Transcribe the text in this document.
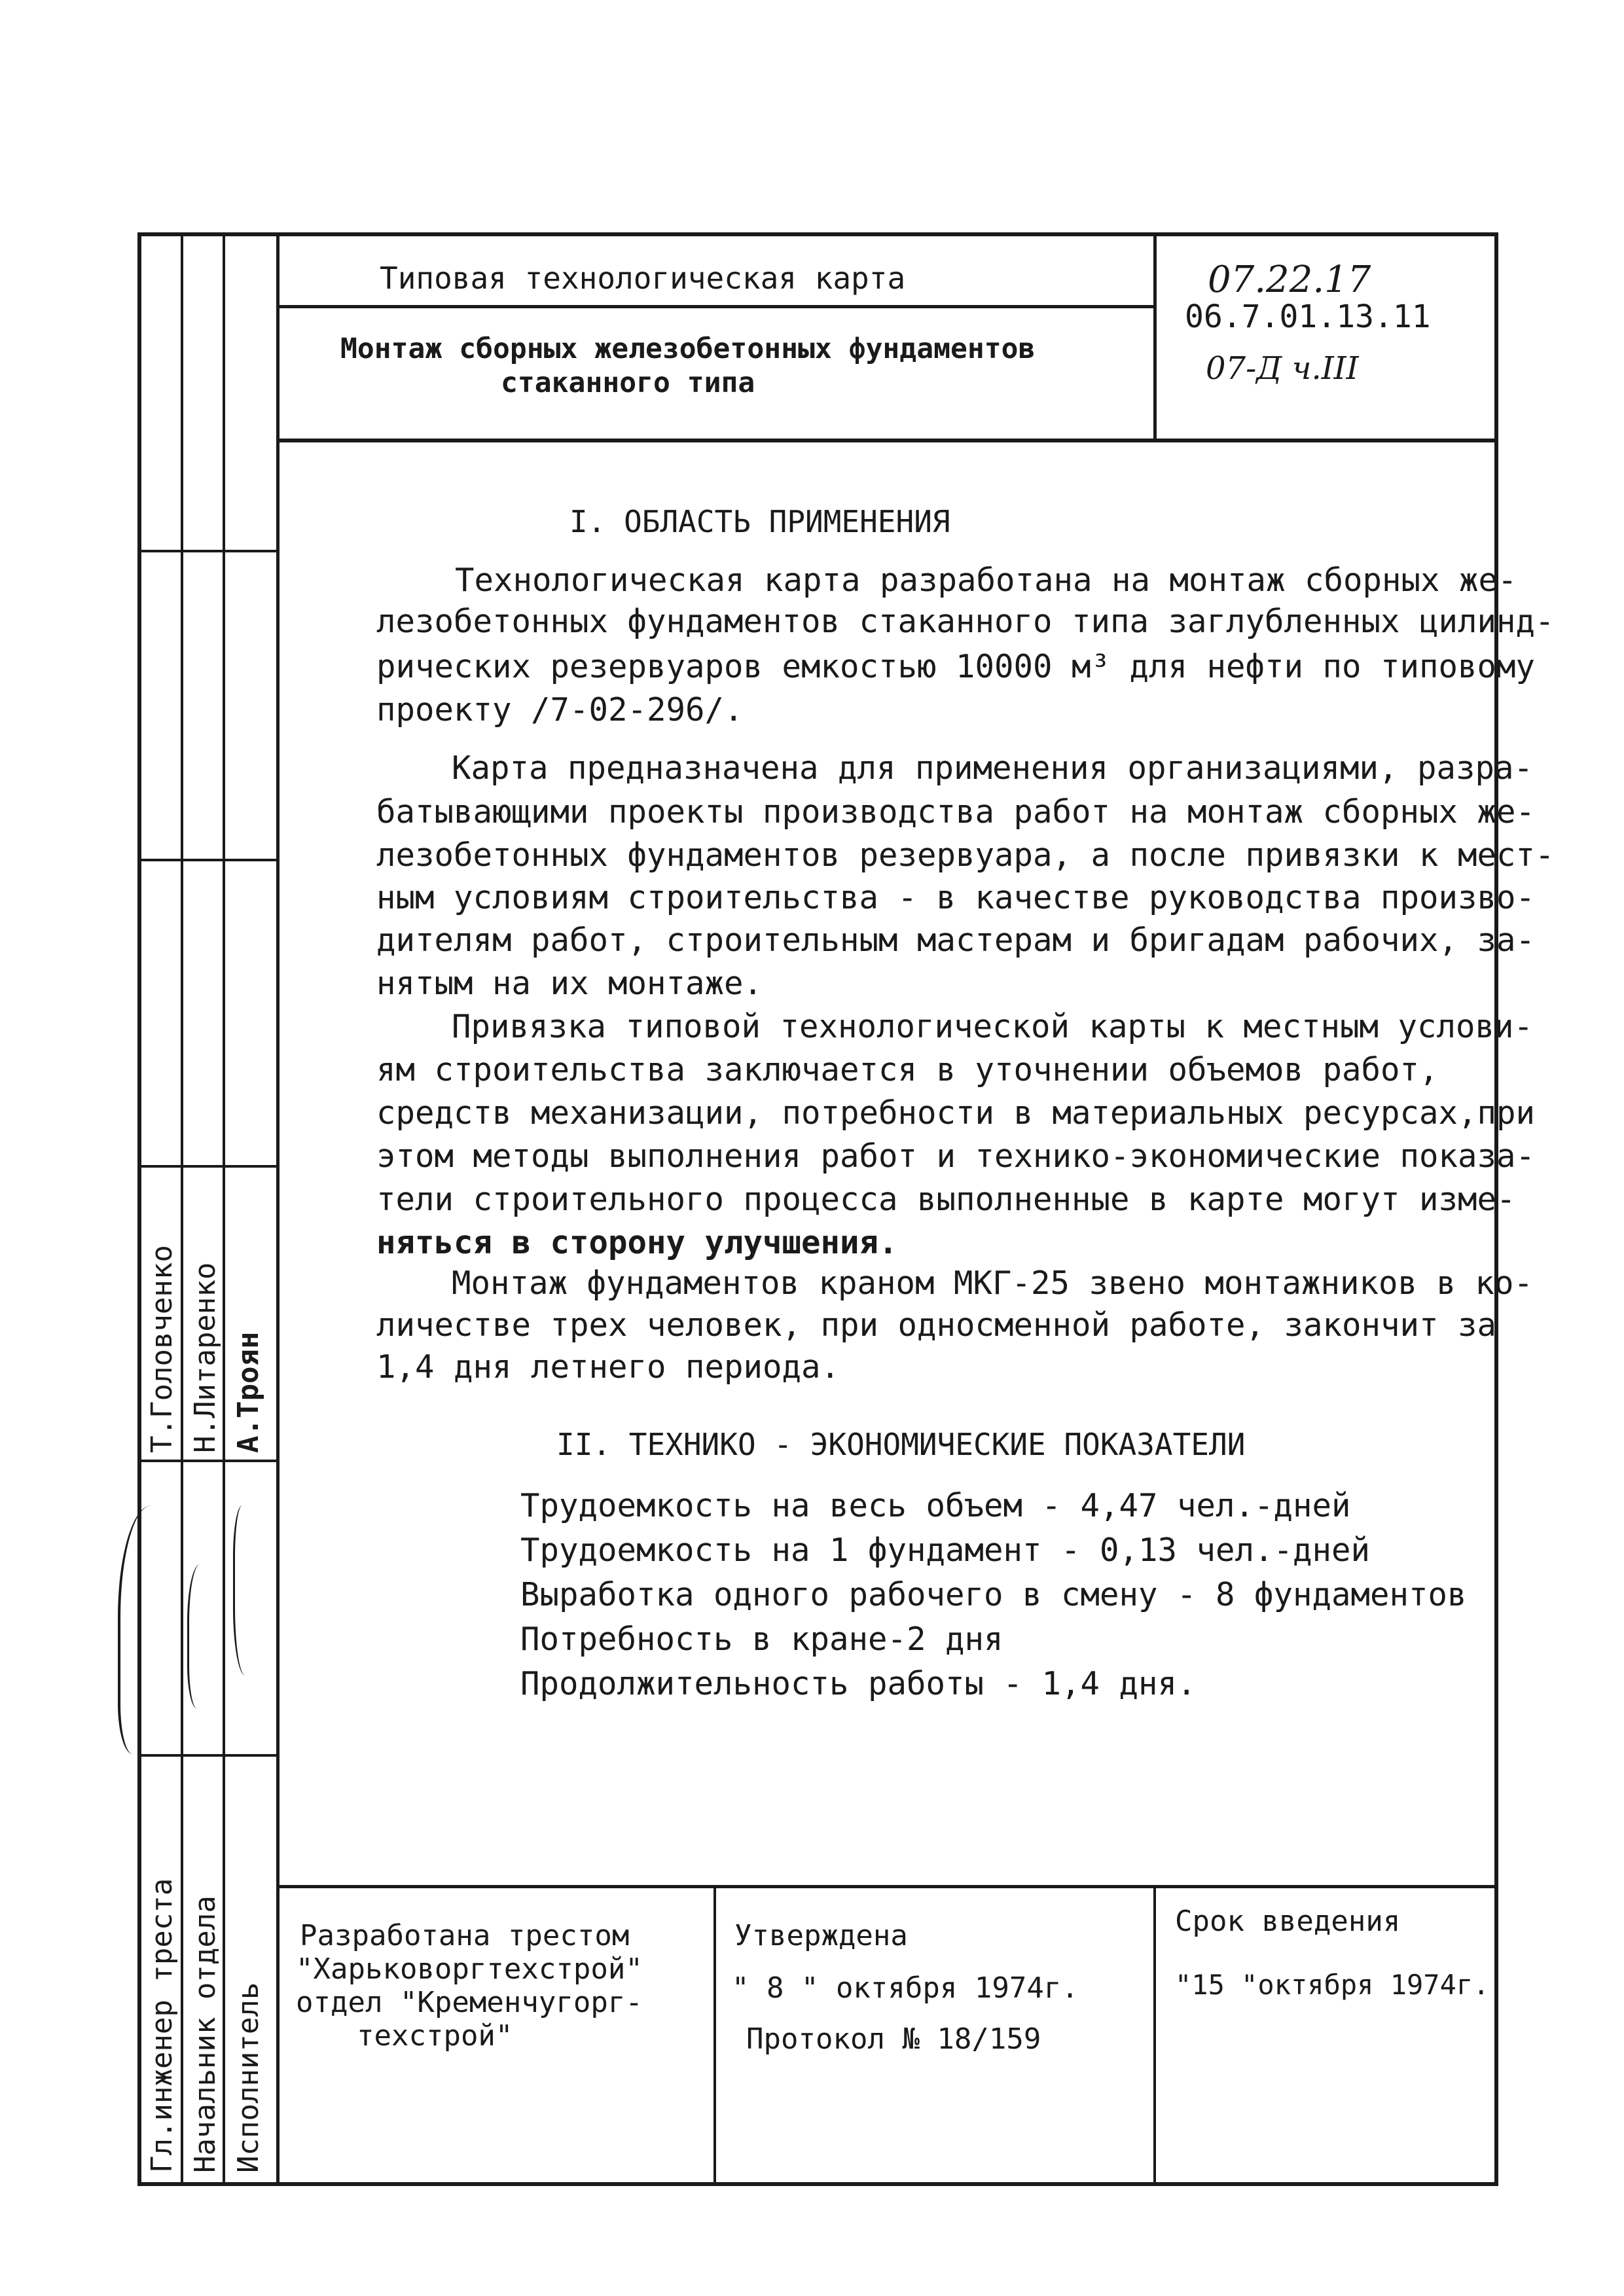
Типовая технологическая карта
Монтаж сборных железобетонных фундаментов
стаканного типа
07.22.17
06.7.01.13.11
07-Д ч.III
I. ОБЛАСТЬ ПРИМЕНЕНИЯ
Технологическая карта разработана на монтаж сборных же-
лезобетонных фундаментов стаканного типа заглубленных цилинд-
рических резервуаров емкостью 10000 м³ для нефти по типовому
проекту /7-02-296/.
Карта предназначена для применения организациями, разра-
батывающими проекты производства работ на монтаж сборных же-
лезобетонных фундаментов резервуара, а после привязки к мест-
ным условиям строительства - в качестве руководства произво-
дителям работ, строительным мастерам и бригадам рабочих, за-
нятым на их монтаже.
Привязка типовой технологической карты к местным услови-
ям строительства заключается в уточнении объемов работ,
средств механизации, потребности в материальных ресурсах,при
этом методы выполнения работ и технико-экономические показа-
тели строительного процесса выполненные в карте могут изме-
няться в сторону улучшения.
Монтаж фундаментов краном МКГ-25 звено монтажников в ко-
личестве трех человек, при односменной работе, закончит за
1,4 дня летнего периода.
II. ТЕХНИКО - ЭКОНОМИЧЕСКИЕ ПОКАЗАТЕЛИ
Трудоемкость на весь объем - 4,47 чел.-дней
Трудоемкость на 1 фундамент - 0,13 чел.-дней
Выработка одного рабочего в смену - 8 фундаментов
Потребность в кране-2 дня
Продолжительность работы - 1,4 дня.
Разработана трестом
"Харьковоргтехстрой"
отдел "Кременчугорг-
техстрой"
Утверждена
" 8 " октября 1974г.
Протокол № 18/159
Срок введения
"15 "октября 1974г.
Гл.инженер треста Начальник отдела Исполнитель
Т.Головченко Н.Литаренко А.Троян
